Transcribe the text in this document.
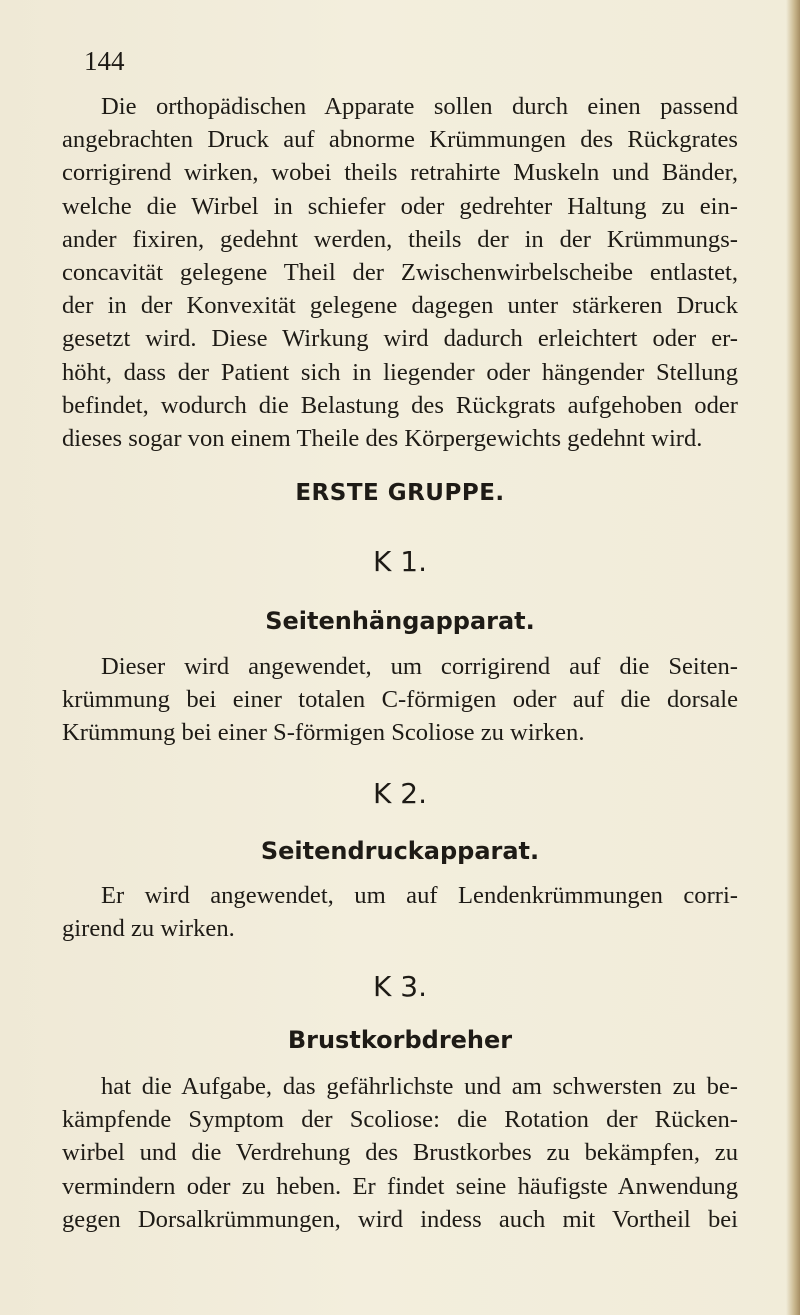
144
Die orthopädischen Apparate sollen durch einen passend
angebrachten Druck auf abnorme Krümmungen des Rückgrates
corrigirend wirken, wobei theils retrahirte Muskeln und Bänder,
welche die Wirbel in schiefer oder gedrehter Haltung zu ein-
ander fixiren, gedehnt werden, theils der in der Krümmungs-
concavität gelegene Theil der Zwischenwirbelscheibe entlastet,
der in der Konvexität gelegene dagegen unter stärkeren Druck
gesetzt wird. Diese Wirkung wird dadurch erleichtert oder er-
höht, dass der Patient sich in liegender oder hängender Stellung
befindet, wodurch die Belastung des Rückgrats aufgehoben oder
dieses sogar von einem Theile des Körpergewichts gedehnt wird.
ERSTE GRUPPE.
K 1.
Seitenhängapparat.
Dieser wird angewendet, um corrigirend auf die Seiten-
krümmung bei einer totalen C-förmigen oder auf die dorsale
Krümmung bei einer S-förmigen Scoliose zu wirken.
K 2.
Seitendruckapparat.
Er wird angewendet, um auf Lendenkrümmungen corri-
girend zu wirken.
K 3.
Brustkorbdreher
hat die Aufgabe, das gefährlichste und am schwersten zu be-
kämpfende Symptom der Scoliose: die Rotation der Rücken-
wirbel und die Verdrehung des Brustkorbes zu bekämpfen, zu
vermindern oder zu heben. Er findet seine häufigste Anwendung
gegen Dorsalkrümmungen, wird indess auch mit Vortheil bei
